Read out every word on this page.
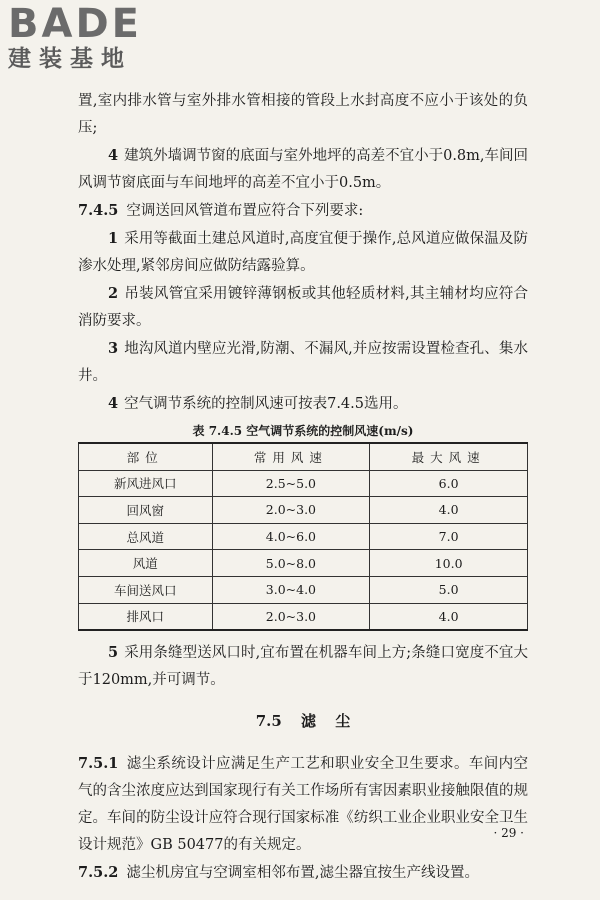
BADE
建装基地

置,室内排水管与室外排水管相接的管段上水封高度不应小于该处的负压;

4 建筑外墙调节窗的底面与室外地坪的高差不宜小于0.8m,车间回风调节窗底面与车间地坪的高差不宜小于0.5m。

7.4.5 空调送回风管道布置应符合下列要求:

1 采用等截面土建总风道时,高度宜便于操作,总风道应做保温及防渗水处理,紧邻房间应做防结露验算。

2 吊装风管宜采用镀锌薄钢板或其他轻质材料,其主辅材均应符合消防要求。

3 地沟风道内壁应光滑,防潮、不漏风,并应按需设置检查孔、集水井。

4 空气调节系统的控制风速可按表7.4.5选用。

表 7.4.5 空气调节系统的控制风速(m/s)
部位	常用风速	最大风速
新风进风口	2.5~5.0	6.0
回风窗	2.0~3.0	4.0
总风道	4.0~6.0	7.0
风道	5.0~8.0	10.0
车间送风口	3.0~4.0	5.0
排风口	2.0~3.0	4.0

5 采用条缝型送风口时,宜布置在机器车间上方;条缝口宽度不宜大于120mm,并可调节。

7.5 滤 尘

7.5.1 滤尘系统设计应满足生产工艺和职业安全卫生要求。车间内空气的含尘浓度应达到国家现行有关工作场所有害因素职业接触限值的规定。车间的防尘设计应符合现行国家标准《纺织工业企业职业安全卫生设计规范》GB 50477的有关规定。

7.5.2 滤尘机房宜与空调室相邻布置,滤尘器宜按生产线设置。

· 29 ·
